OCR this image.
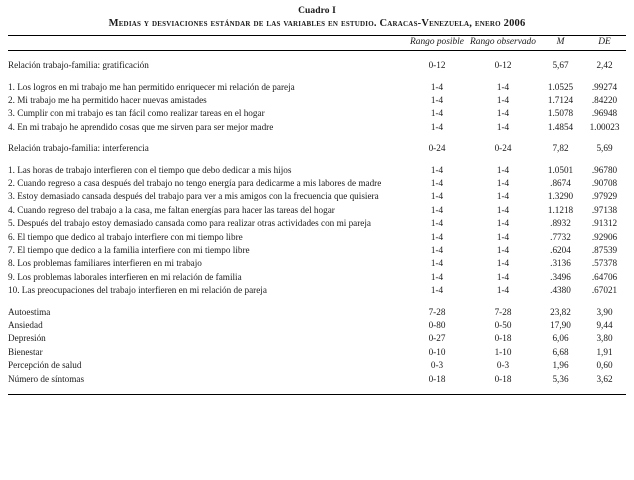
Cuadro I
Medias y desviaciones estándar de las variables en estudio. Caracas-Venezuela, enero 2006
	Rango posible	Rango observado	M	DE

Relación trabajo-familia: gratificación	0-12	0-12	5,67	2,42

1. Los logros en mi trabajo me han permitido enriquecer mi relación de pareja	1-4	1-4	1.0525	.99274
2. Mi trabajo me ha permitido hacer nuevas amistades	1-4	1-4	1.7124	.84220
3. Cumplir con mi trabajo es tan fácil como realizar tareas en el hogar	1-4	1-4	1.5078	.96948
4. En mi trabajo he aprendido cosas que me sirven para ser mejor madre	1-4	1-4	1.4854	1.00023

Relación trabajo-familia: interferencia	0-24	0-24	7,82	5,69

1. Las horas de trabajo interfieren con el tiempo que debo dedicar a mis hijos	1-4	1-4	1.0501	.96780
2. Cuando regreso a casa después del trabajo no tengo energía para dedicarme a mis labores de madre	1-4	1-4	.8674	.90708
3. Estoy demasiado cansada después del trabajo para ver a mis amigos con la frecuencia que quisiera	1-4	1-4	1.3290	.97929
4. Cuando regreso del trabajo a la casa, me faltan energías para hacer las tareas del hogar	1-4	1-4	1.1218	.97138
5. Después del trabajo estoy demasiado cansada como para realizar otras actividades con mi pareja	1-4	1-4	.8932	.91312
6. El tiempo que dedico al trabajo interfiere con mi tiempo libre	1-4	1-4	.7732	.92906
7. El tiempo que dedico a la familia interfiere con mi tiempo libre	1-4	1-4	.6204	.87539
8. Los problemas familiares interfieren en mi trabajo	1-4	1-4	.3136	.57378
9. Los problemas laborales interfieren en mi relación de familia	1-4	1-4	.3496	.64706
10. Las preocupaciones del trabajo interfieren en mi relación de pareja	1-4	1-4	.4380	.67021

Autoestima	7-28	7-28	23,82	3,90
Ansiedad	0-80	0-50	17,90	9,44
Depresión	0-27	0-18	6,06	3,80
Bienestar	0-10	1-10	6,68	1,91
Percepción de salud	0-3	0-3	1,96	0,60
Número de síntomas	0-18	0-18	5,36	3,62
